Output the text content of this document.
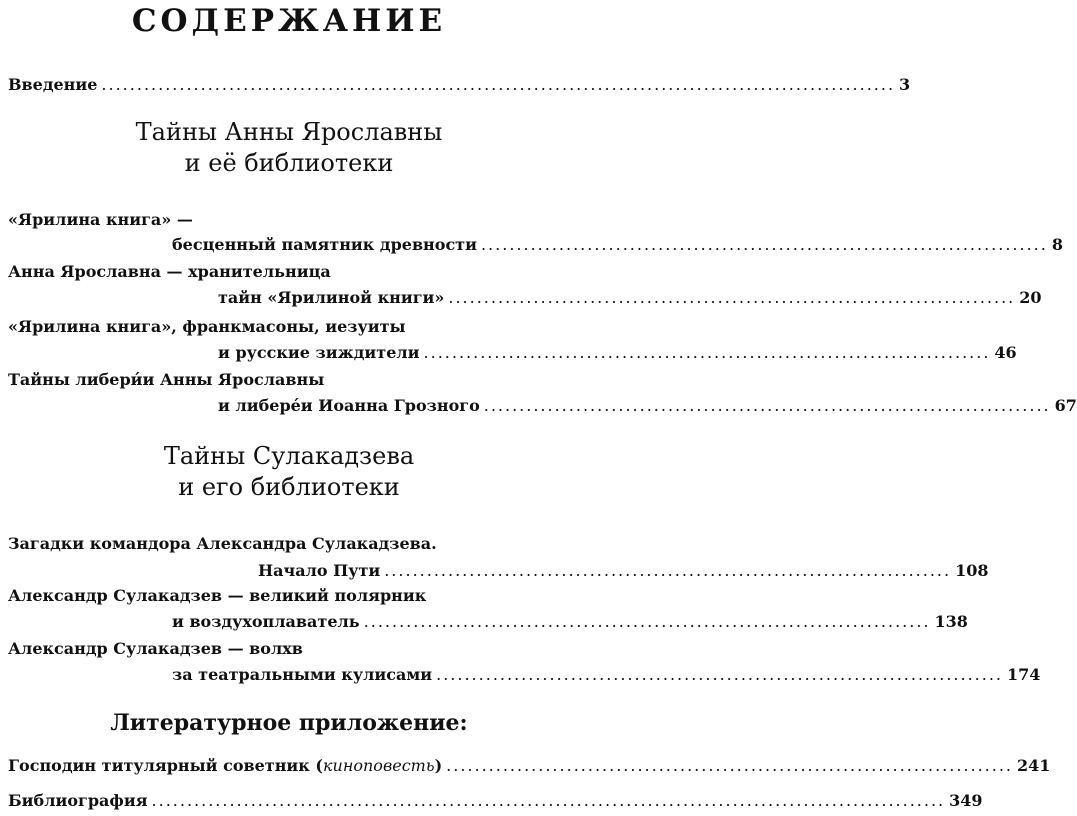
СОДЕРЖАНИЕ
Введение ................................................................................................................ 3
Тайны Анны Ярославны
и её библиотеки
«Ярилина книга» —
бесценный памятник древности ................................................................................ 8
Анна Ярославна — хранительница
тайн «Ярилиной книги» ................................................................................ 20
«Ярилина книга», франкмасоны, иезуиты
и русские зиждители ................................................................................ 46
Тайны либери́и Анны Ярославны
и либере́и Иоанна Грозного ................................................................................ 67
Тайны Сулакадзева
и его библиотеки
Загадки командора Александра Сулакадзева.
Начало Пути ................................................................................ 108
Александр Сулакадзев — великий полярник
и воздухоплаватель ................................................................................ 138
Александр Сулакадзев — волхв
за театральными кулисами ................................................................................ 174
Литературное приложение:
Господин титулярный советник (киноповесть) ................................................................................ 241
Библиография ................................................................................................................ 349
